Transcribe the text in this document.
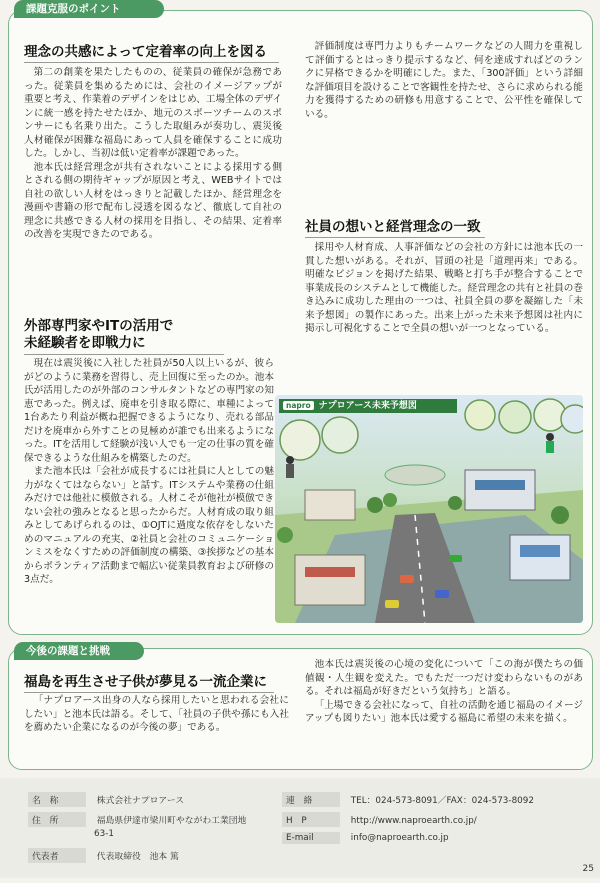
課題克服のポイント
理念の共感によって定着率の向上を図る

第二の創業を果たしたものの、従業員の確保が急務であった。従業員を集めるためには、会社のイメージアップが重要と考え、作業着のデザインをはじめ、工場全体のデザインに統一感を持たせたほか、地元のスポーツチームのスポンサーにも名乗り出た。こうした取組みが奏功し、震災後人材確保が困難な福島にあって人員を確保することに成功した。しかし、当初は低い定着率が課題であった。

池本氏は経営理念が共有されないことによる採用する側とされる側の期待ギャップが原因と考え、WEBサイトでは自社の欲しい人材をはっきりと記載したほか、経営理念を漫画や書籍の形で配布し浸透を図るなど、徹底して自社の理念に共感できる人材の採用を目指し、その結果、定着率の改善を実現できたのである。

外部専門家やITの活用で
未経験者を即戦力に

現在は震災後に入社した社員が50人以上いるが、彼らがどのように業務を習得し、売上回復に至ったのか。池本氏が活用したのが外部のコンサルタントなどの専門家の知恵であった。例えば、廃車を引き取る際に、車種によって1台あたり利益が概ね把握できるようになり、売れる部品だけを廃車から外すことの見極めが誰でも出来るようになった。ITを活用して経験が浅い人でも一定の仕事の質を確保できるような仕組みを構築したのだ。

また池本氏は「会社が成長するには社員に人としての魅力がなくてはならない」と話す。ITシステムや業務の仕組みだけでは他社に模倣される。人材こそが他社が模倣できない会社の強みとなると思ったからだ。人材育成の取り組みとしてあげられるのは、①OJTに過度な依存をしないためのマニュアルの充実、②社員と会社のコミュニケーションミスをなくすための評価制度の構築、③挨拶などの基本からボランティア活動まで幅広い従業員教育および研修の3点だ。

評価制度は専門力よりもチームワークなどの人間力を重視して評価するとはっきり提示するなど、何を達成すればどのランクに昇格できるかを明確にした。また、「300評価」という詳細な評価項目を設けることで客観性を持たせ、さらに求められる能力を獲得するための研修も用意することで、公平性を確保している。

社員の想いと経営理念の一致

採用や人材育成、人事評価などの会社の方針には池本氏の一貫した想いがある。それが、冒頭の社是「道理再来」である。明確なビジョンを掲げた結果、戦略と打ち手が整合することで事業成長のシステムとして機能した。経営理念の共有と社員の巻き込みに成功した理由の一つは、社員全員の夢を凝縮した「未来予想図」の製作にあった。出来上がった未来予想図は社内に掲示し可視化することで全員の想いが一つとなっている。

napro ナプロアース未来予想図
今後の課題と挑戦
福島を再生させ子供が夢見る一流企業に

「ナプロアース出身の人なら採用したいと思われる会社にしたい」と池本氏は語る。そして、「社員の子供や孫にも入社を薦めたい企業になるのが今後の夢」である。

池本氏は震災後の心境の変化について「この海が僕たちの価値観・人生観を変えた。でもただ一つだけ変わらないものがある。それは福島が好きだという気持ち」と語る。

「上場できる会社になって、自社の活動を通じ福島のイメージアップも図りたい」池本氏は愛する福島に希望の未来を描く。

名　称	株式会社ナプロアース
住　所	福島県伊達市梁川町やながわ工業団地
63-1
代表者	代表取締役　池本 篤
連　絡	TEL：024-573-8091／FAX：024-573-8092
H　P	http://www.naproearth.co.jp/
E-mail	info@naproearth.co.jp
25
